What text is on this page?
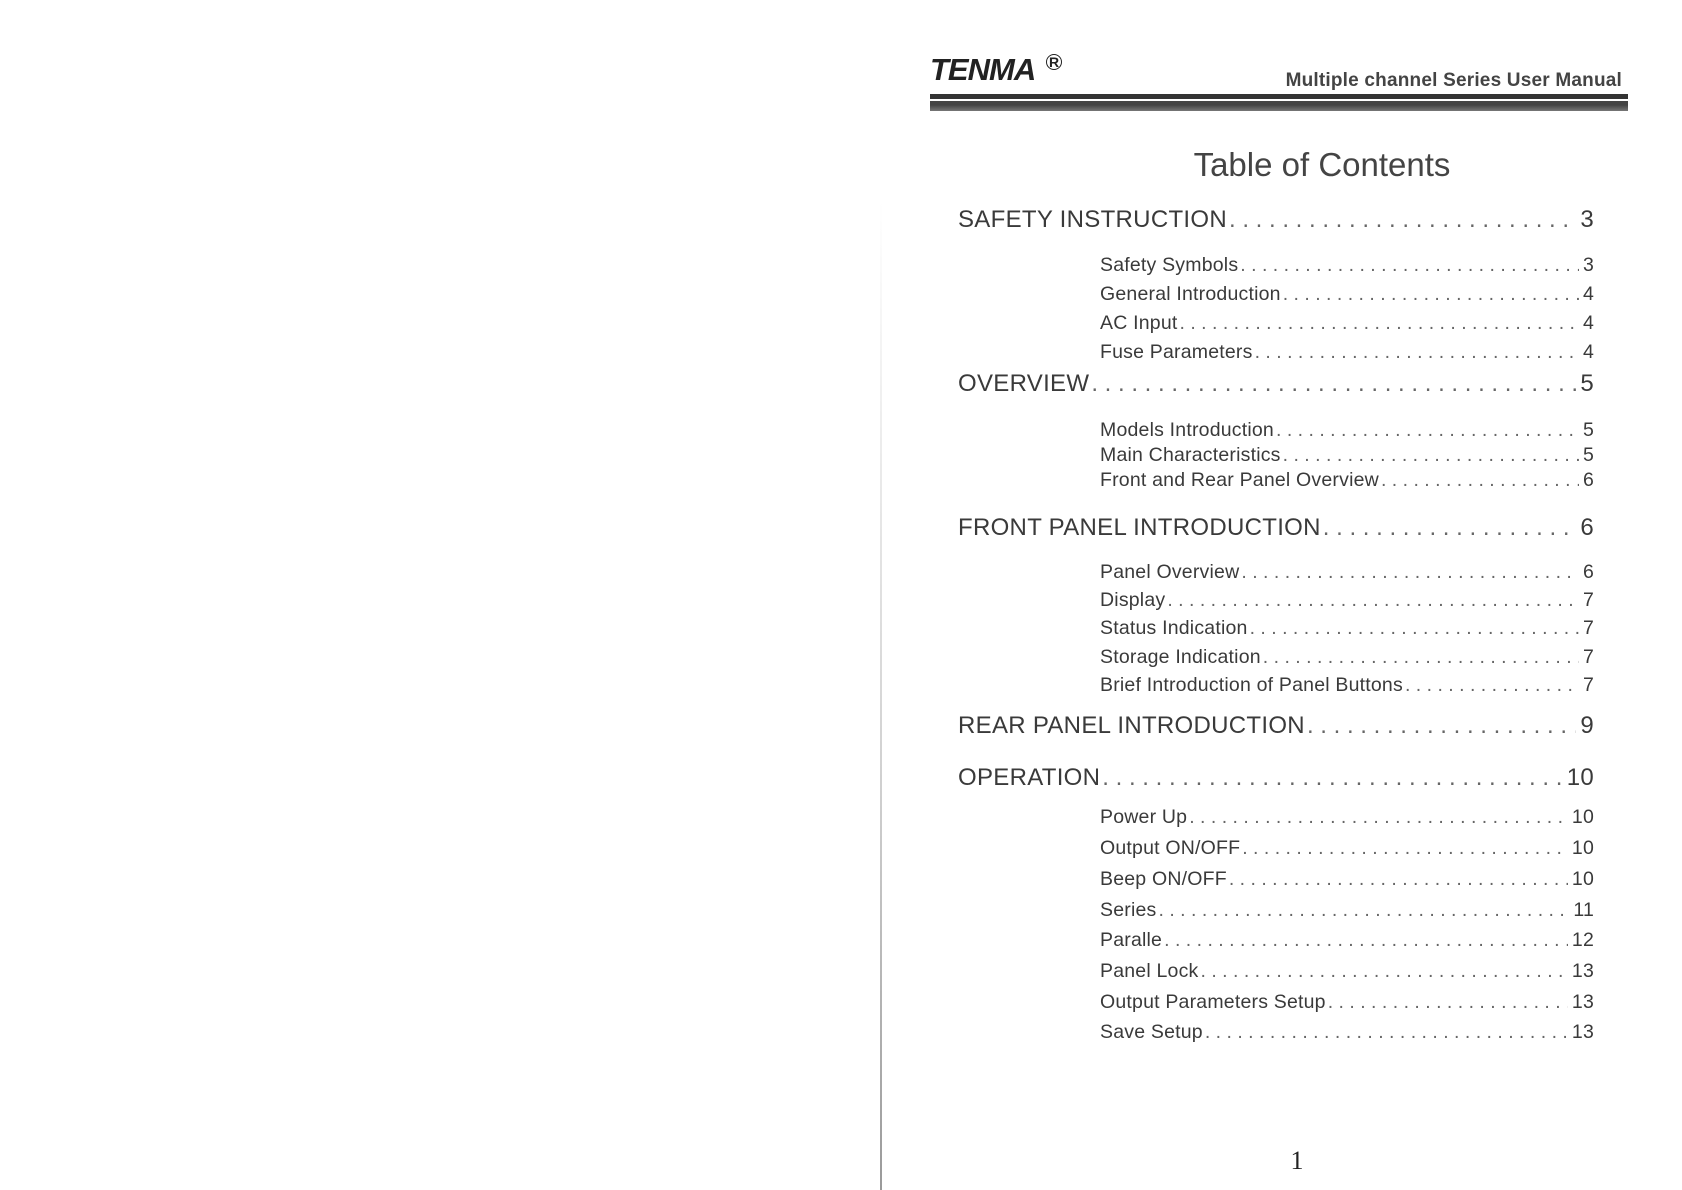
TENMA R
Multiple channel Series User Manual
Table of Contents
SAFETY INSTRUCTION . . .	3
Safety Symbols . . .	3
General Introduction . . .	4
AC Input . . .	4
Fuse Parameters . . .	4
OVERVIEW . . .	5
Models Introduction . . .	5
Main Characteristics . . .	5
Front and Rear Panel Overview . . .	6
FRONT PANEL INTRODUCTION . . .	6
Panel Overview . . .	6
Display . . .	7
Status Indication . . .	7
Storage Indication . . .	7
Brief Introduction of Panel Buttons . . .	7
REAR PANEL INTRODUCTION . . .	9
OPERATION . . .	10
Power Up . . .	10
Output ON/OFF . . .	10
Beep ON/OFF . . .	10
Series . . .	11
Paralle . . .	12
Panel Lock . . .	13
Output Parameters Setup . . .	13
Save Setup . . .	13
1
